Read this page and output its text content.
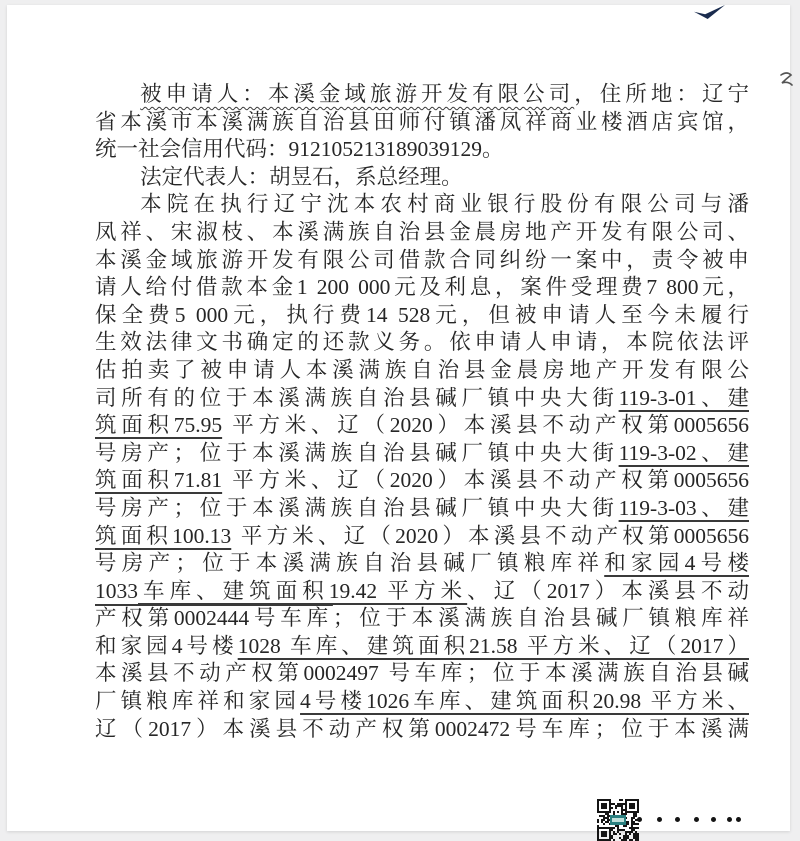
被申请人：本溪金域旅游开发有限公司，住所地：辽宁
省本溪市本溪满族自治县田师付镇潘凤祥商业楼酒店宾馆，
统一社会信用代码：912105213189039129。
法定代表人：胡昱石，系总经理。
本院在执行辽宁沈本农村商业银行股份有限公司与潘
凤祥、宋淑枝、本溪满族自治县金晨房地产开发有限公司、
本溪金域旅游开发有限公司借款合同纠纷一案中，责令被申
请人给付借款本金1 200 000元及利息，案件受理费7 800元，
保全费5 000元，执行费14 528元，但被申请人至今未履行
生效法律文书确定的还款义务。依申请人申请，本院依法评
估拍卖了被申请人本溪满族自治县金晨房地产开发有限公
司所有的位于本溪满族自治县碱厂镇中央大街119-3-01、建
筑面积75.95 平方米、辽（2020）本溪县不动产权第0005656
号房产；位于本溪满族自治县碱厂镇中央大街119-3-02、建
筑面积71.81 平方米、辽（2020）本溪县不动产权第0005656
号房产；位于本溪满族自治县碱厂镇中央大街119-3-03、建
筑面积100.13 平方米、辽（2020）本溪县不动产权第0005656
号房产；位于本溪满族自治县碱厂镇粮库祥和家园4号楼
1033车库、建筑面积19.42 平方米、辽（2017）本溪县不动
产权第0002444号车库；位于本溪满族自治县碱厂镇粮库祥
和家园4号楼1028 车库、建筑面积21.58 平方米、辽（2017）
本溪县不动产权第0002497 号车库；位于本溪满族自治县碱
厂镇粮库祥和家园4号楼1026车库、建筑面积20.98 平方米、
辽（2017）本溪县不动产权第0002472号车库；位于本溪满
